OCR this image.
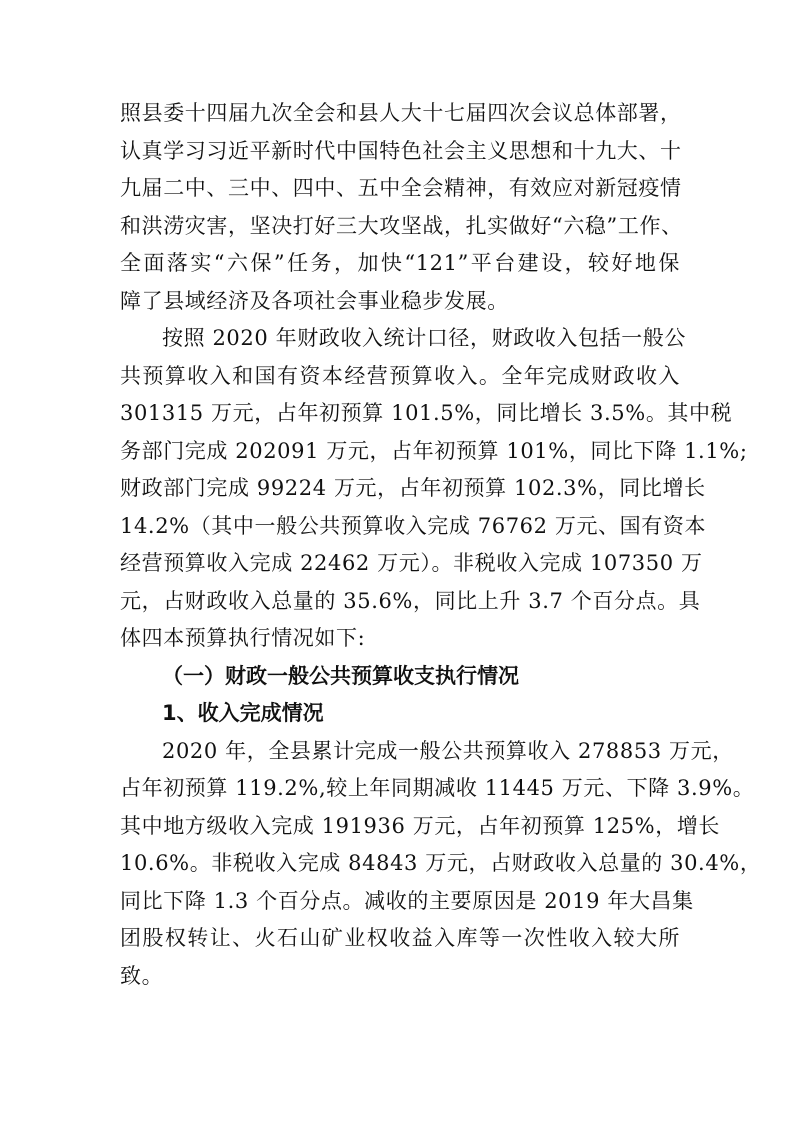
照县委十四届九次全会和县人大十七届四次会议总体部署，
认真学习习近平新时代中国特色社会主义思想和十九大、十
九届二中、三中、四中、五中全会精神，有效应对新冠疫情
和洪涝灾害，坚决打好三大攻坚战，扎实做好“六稳”工作、
全面落实“六保”任务，加快“121”平台建设，较好地保
障了县域经济及各项社会事业稳步发展。
按照 2020 年财政收入统计口径，财政收入包括一般公
共预算收入和国有资本经营预算收入。全年完成财政收入
301315 万元，占年初预算 101.5%，同比增长 3.5%。其中税
务部门完成 202091 万元，占年初预算 101%，同比下降 1.1%;
财政部门完成 99224 万元，占年初预算 102.3%，同比增长
14.2%（其中一般公共预算收入完成 76762 万元、国有资本
经营预算收入完成 22462 万元）。非税收入完成 107350 万
元，占财政收入总量的 35.6%，同比上升 3.7 个百分点。具
体四本预算执行情况如下:
（一）财政一般公共预算收支执行情况
1、收入完成情况
2020 年，全县累计完成一般公共预算收入 278853 万元，
占年初预算 119.2%,较上年同期减收 11445 万元、下降 3.9%。
其中地方级收入完成 191936 万元，占年初预算 125%，增长
10.6%。非税收入完成 84843 万元，占财政收入总量的 30.4%，
同比下降 1.3 个百分点。减收的主要原因是 2019 年大昌集
团股权转让、火石山矿业权收益入库等一次性收入较大所
致。
